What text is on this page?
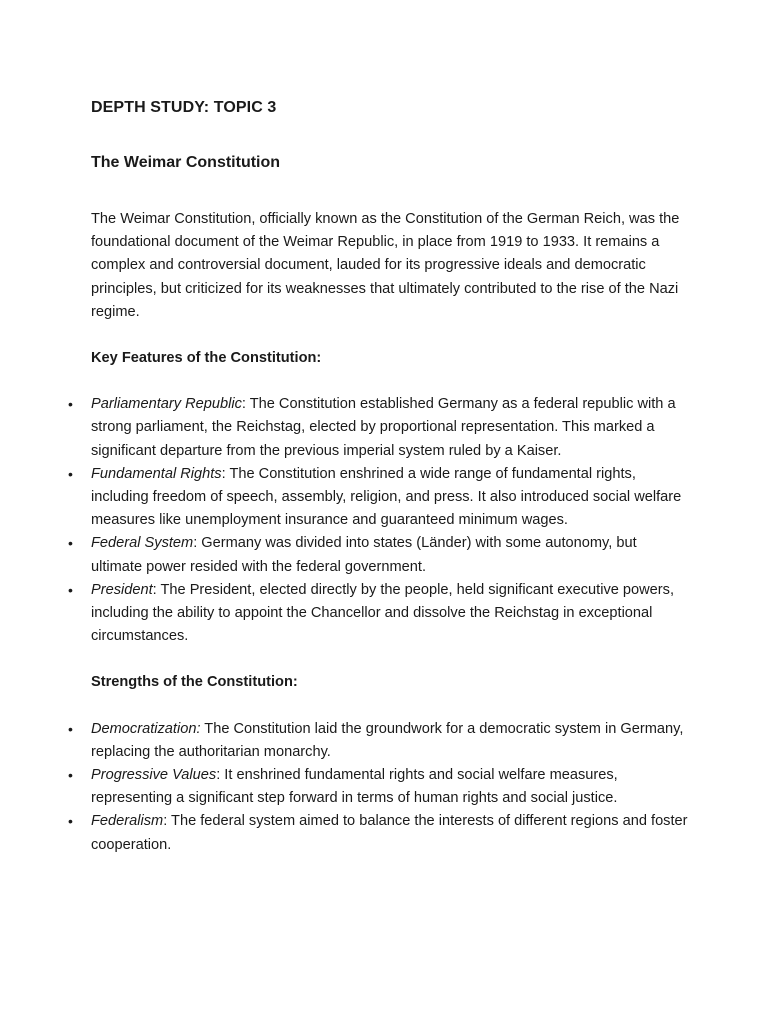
DEPTH STUDY: TOPIC 3
The Weimar Constitution

The Weimar Constitution, officially known as the Constitution of the German Reich, was the foundational document of the Weimar Republic, in place from 1919 to 1933. It remains a complex and controversial document, lauded for its progressive ideals and democratic principles, but criticized for its weaknesses that ultimately contributed to the rise of the Nazi regime.

Key Features of the Constitution:

• Parliamentary Republic: The Constitution established Germany as a federal republic with a strong parliament, the Reichstag, elected by proportional representation. This marked a significant departure from the previous imperial system ruled by a Kaiser.
• Fundamental Rights: The Constitution enshrined a wide range of fundamental rights, including freedom of speech, assembly, religion, and press. It also introduced social welfare measures like unemployment insurance and guaranteed minimum wages.
• Federal System: Germany was divided into states (Länder) with some autonomy, but ultimate power resided with the federal government.
• President: The President, elected directly by the people, held significant executive powers, including the ability to appoint the Chancellor and dissolve the Reichstag in exceptional circumstances.

Strengths of the Constitution:

• Democratization: The Constitution laid the groundwork for a democratic system in Germany, replacing the authoritarian monarchy.
• Progressive Values: It enshrined fundamental rights and social welfare measures, representing a significant step forward in terms of human rights and social justice.
• Federalism: The federal system aimed to balance the interests of different regions and foster cooperation.
